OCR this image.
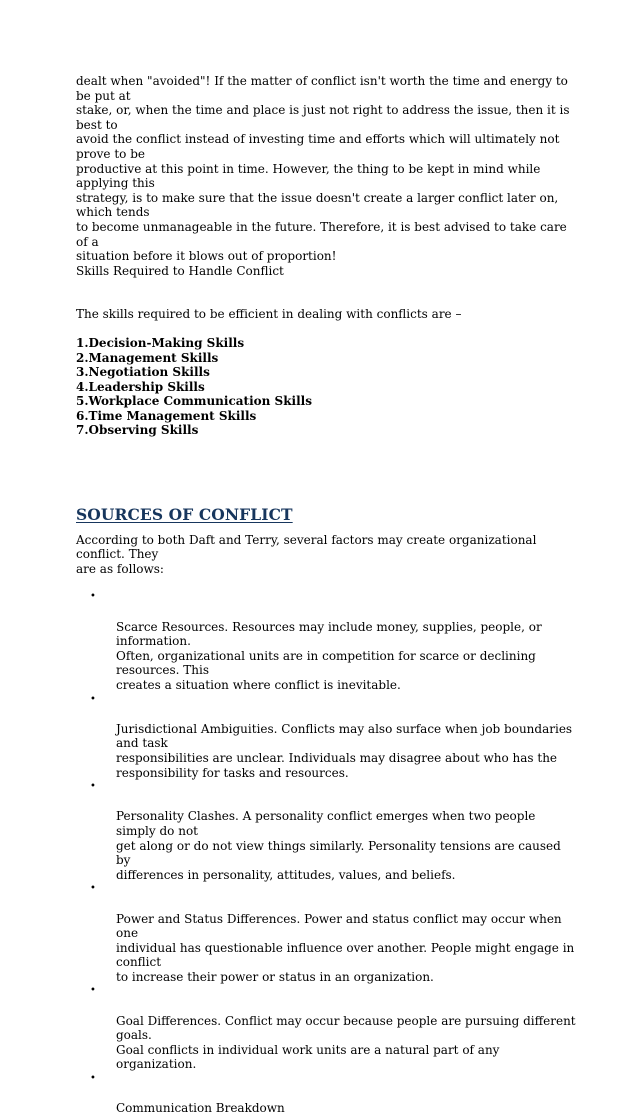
dealt when "avoided"! If the matter of conflict isn't worth the time and energy to be put at
stake, or, when the time and place is just not right to address the issue, then it is best to
avoid the conflict instead of investing time and efforts which will ultimately not prove to be
productive at this point in time. However, the thing to be kept in mind while applying this
strategy, is to make sure that the issue doesn't create a larger conflict later on, which tends
to become unmanageable in the future. Therefore, it is best advised to take care of a
situation before it blows out of proportion!
Skills Required to Handle Conflict

The skills required to be efficient in dealing with conflicts are –

1.Decision-Making Skills
2.Management Skills
3.Negotiation Skills
4.Leadership Skills
5.Workplace Communication Skills
6.Time Management Skills
7.Observing Skills
SOURCES OF CONFLICT

According to both Daft and Terry, several factors may create organizational conflict. They
are as follows:

•

Scarce Resources. Resources may include money, supplies, people, or information.
Often, organizational units are in competition for scarce or declining resources. This
creates a situation where conflict is inevitable.

•

Jurisdictional Ambiguities. Conflicts may also surface when job boundaries and task
responsibilities are unclear. Individuals may disagree about who has the
responsibility for tasks and resources.

•

Personality Clashes. A personality conflict emerges when two people simply do not
get along or do not view things similarly. Personality tensions are caused by
differences in personality, attitudes, values, and beliefs.

•

Power and Status Differences. Power and status conflict may occur when one
individual has questionable influence over another. People might engage in conflict
to increase their power or status in an organization.

•

Goal Differences. Conflict may occur because people are pursuing different goals.
Goal conflicts in individual work units are a natural part of any organization.

•

Communication Breakdown
